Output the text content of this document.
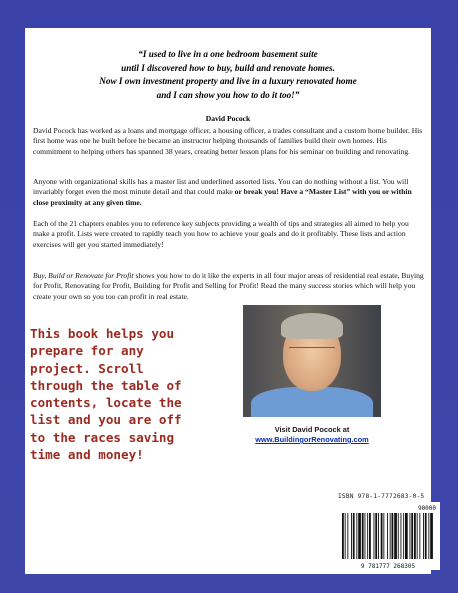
“I used to live in a one bedroom basement suite
until I discovered how to buy, build and renovate homes.
Now I own investment property and live in a luxury renovated home
and I can show you how to do it too!”
David Pocock
David Pocock has worked as a loans and mortgage officer, a housing officer, a trades consultant and a custom home builder. His first home was one he built before he became an instructor helping thousands of families build their own homes. His commitment to helping others has spanned 38 years, creating better lesson plans for his seminar on building and renovating.
Anyone with organizational skills has a master list and underlined assorted lists. You can do nothing without a list. You will invariably forget even the most minute detail and that could make or break you! Have a “Master List” with you or within close proximity at any given time.
Each of the 21 chapters enables you to reference key subjects providing a wealth of tips and strategies all aimed to help you make a profit. Lists were created to rapidly teach you how to achieve your goals and do it profitably. These lists and action exercises will get you started immediately!
Buy, Build or Renovate for Profit shows you how to do it like the experts in all four major areas of residential real estate, Buying for Profit, Renovating for Profit, Building for Profit and Selling for Profit! Read the many success stories which will help you create your own so you too can profit in real estate.
This book helps you
prepare for any
project. Scroll
through the table of
contents, locate the
list and you are off
to the races saving
time and money!
Visit David Pocock at
www.BuildingorRenovating.com
ISBN 978-1-7772683-0-5
90000
9 781777 268305
